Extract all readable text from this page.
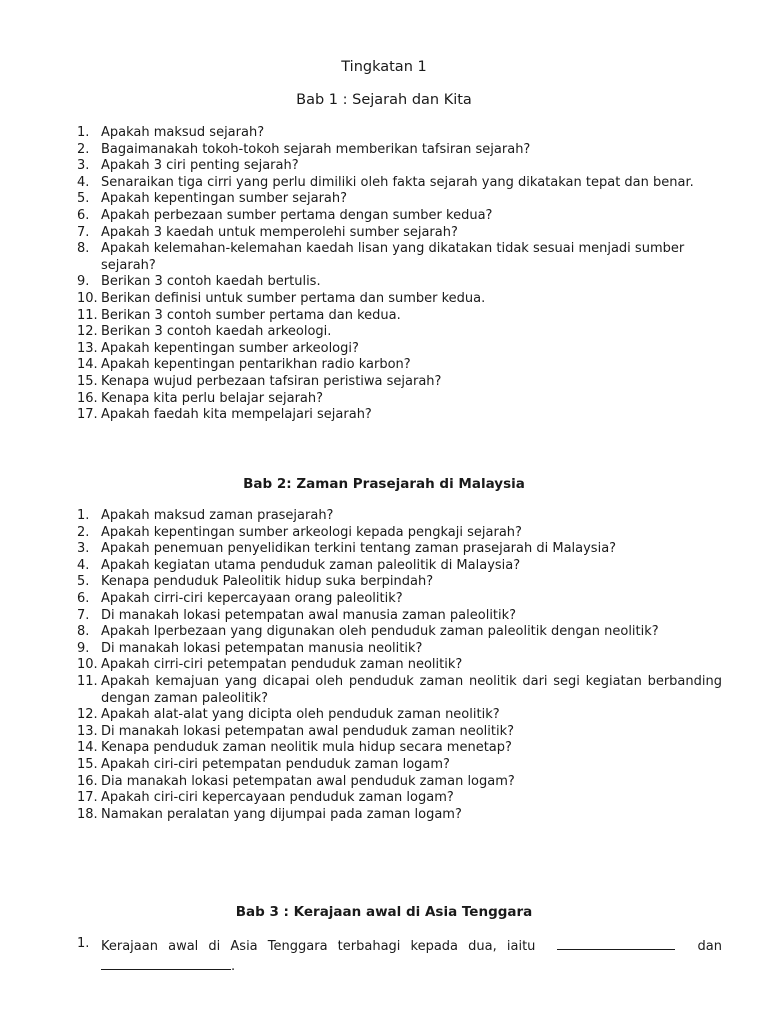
Tingkatan 1
Bab 1 : Sejarah dan Kita
1. Apakah maksud sejarah?
2. Bagaimanakah tokoh-tokoh sejarah memberikan tafsiran sejarah?
3. Apakah 3 ciri penting sejarah?
4. Senaraikan tiga cirri yang perlu dimiliki oleh fakta sejarah yang dikatakan tepat dan benar.
5. Apakah kepentingan sumber sejarah?
6. Apakah perbezaan sumber pertama dengan sumber kedua?
7. Apakah 3 kaedah untuk memperolehi sumber sejarah?
8. Apakah kelemahan-kelemahan kaedah lisan yang dikatakan tidak sesuai menjadi sumber sejarah?
9. Berikan 3 contoh kaedah bertulis.
10. Berikan definisi untuk sumber pertama dan sumber kedua.
11. Berikan 3 contoh sumber pertama dan kedua.
12. Berikan 3 contoh kaedah arkeologi.
13. Apakah kepentingan sumber arkeologi?
14. Apakah kepentingan pentarikhan radio karbon?
15. Kenapa wujud perbezaan tafsiran peristiwa sejarah?
16. Kenapa kita perlu belajar sejarah?
17. Apakah faedah kita mempelajari sejarah?
Bab 2: Zaman Prasejarah di Malaysia
1. Apakah maksud zaman prasejarah?
2. Apakah kepentingan sumber arkeologi kepada pengkaji sejarah?
3. Apakah penemuan penyelidikan terkini tentang zaman prasejarah di Malaysia?
4. Apakah kegiatan utama penduduk zaman paleolitik di Malaysia?
5. Kenapa penduduk Paleolitik hidup suka berpindah?
6. Apakah cirri-ciri kepercayaan orang paleolitik?
7. Di manakah lokasi petempatan awal manusia zaman paleolitik?
8. Apakah lperbezaan yang digunakan oleh penduduk zaman paleolitik dengan neolitik?
9. Di manakah lokasi petempatan manusia neolitik?
10. Apakah cirri-ciri petempatan penduduk zaman neolitik?
11. Apakah kemajuan yang dicapai oleh penduduk zaman neolitik dari segi kegiatan berbanding dengan zaman paleolitik?
12. Apakah alat-alat yang dicipta oleh penduduk zaman neolitik?
13. Di manakah lokasi petempatan awal penduduk zaman neolitik?
14. Kenapa penduduk zaman neolitik mula hidup secara menetap?
15. Apakah ciri-ciri petempatan penduduk zaman logam?
16. Dia manakah lokasi petempatan awal penduduk zaman logam?
17. Apakah ciri-ciri kepercayaan penduduk zaman logam?
18. Namakan peralatan yang dijumpai pada zaman logam?
Bab 3 : Kerajaan awal di Asia Tenggara
1. Kerajaan awal di Asia Tenggara terbahagi kepada dua, iaitu	dan
.
